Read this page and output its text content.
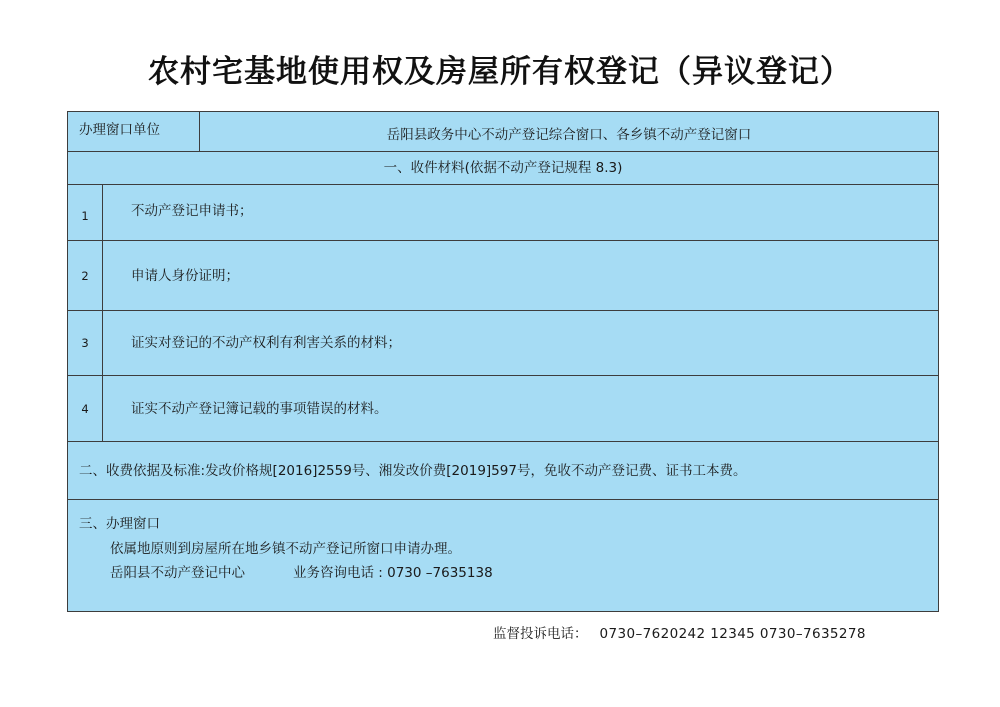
农村宅基地使用权及房屋所有权登记（异议登记）
办理窗口单位	岳阳县政务中心不动产登记综合窗口、各乡镇不动产登记窗口
一、收件材料(依据不动产登记规程 8.3)
1	不动产登记申请书；
2	申请人身份证明；
3	证实对登记的不动产权利有利害关系的材料；
4	证实不动产登记簿记载的事项错误的材料。
二、收费依据及标准:发改价格规[2016]2559号、湘发改价费[2019]597号，免收不动产登记费、证书工本费。
三、办理窗口
依属地原则到房屋所在地乡镇不动产登记所窗口申请办理。
岳阳县不动产登记中心	业务咨询电话 : 0730 –7635138
监督投诉电话： 0730–7620242 12345 0730–7635278
